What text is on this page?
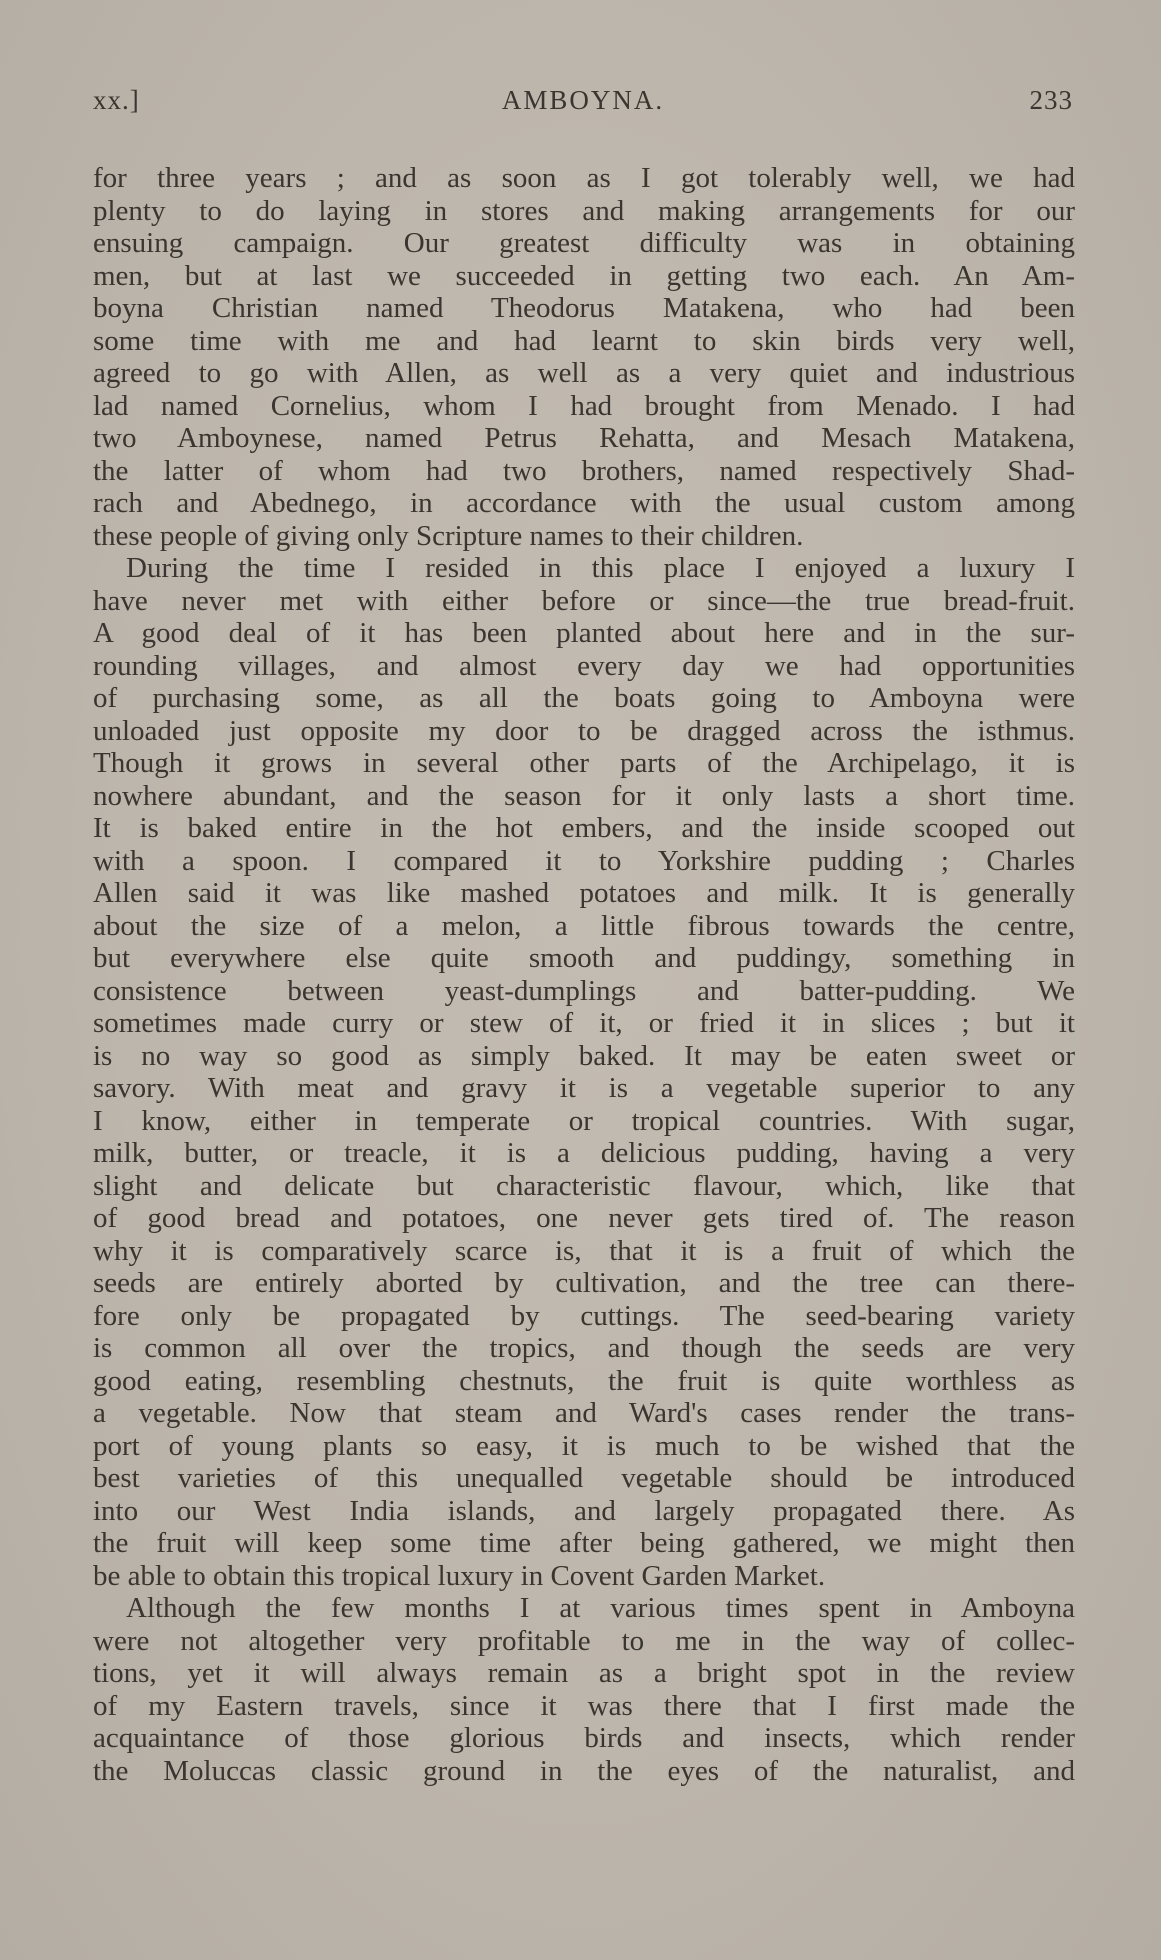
xx.]	AMBOYNA.	233
for three years ; and as soon as I got tolerably well, we had
plenty to do laying in stores and making arrangements for our
ensuing campaign. Our greatest difficulty was in obtaining
men, but at last we succeeded in getting two each. An Am-
boyna Christian named Theodorus Matakena, who had been
some time with me and had learnt to skin birds very well,
agreed to go with Allen, as well as a very quiet and industrious
lad named Cornelius, whom I had brought from Menado. I had
two Amboynese, named Petrus Rehatta, and Mesach Matakena,
the latter of whom had two brothers, named respectively Shad-
rach and Abednego, in accordance with the usual custom among
these people of giving only Scripture names to their children.
During the time I resided in this place I enjoyed a luxury I
have never met with either before or since—the true bread-fruit.
A good deal of it has been planted about here and in the sur-
rounding villages, and almost every day we had opportunities
of purchasing some, as all the boats going to Amboyna were
unloaded just opposite my door to be dragged across the isthmus.
Though it grows in several other parts of the Archipelago, it is
nowhere abundant, and the season for it only lasts a short time.
It is baked entire in the hot embers, and the inside scooped out
with a spoon. I compared it to Yorkshire pudding ; Charles
Allen said it was like mashed potatoes and milk. It is generally
about the size of a melon, a little fibrous towards the centre,
but everywhere else quite smooth and puddingy, something in
consistence between yeast-dumplings and batter-pudding. We
sometimes made curry or stew of it, or fried it in slices ; but it
is no way so good as simply baked. It may be eaten sweet or
savory. With meat and gravy it is a vegetable superior to any
I know, either in temperate or tropical countries. With sugar,
milk, butter, or treacle, it is a delicious pudding, having a very
slight and delicate but characteristic flavour, which, like that
of good bread and potatoes, one never gets tired of. The reason
why it is comparatively scarce is, that it is a fruit of which the
seeds are entirely aborted by cultivation, and the tree can there-
fore only be propagated by cuttings. The seed-bearing variety
is common all over the tropics, and though the seeds are very
good eating, resembling chestnuts, the fruit is quite worthless as
a vegetable. Now that steam and Ward's cases render the trans-
port of young plants so easy, it is much to be wished that the
best varieties of this unequalled vegetable should be introduced
into our West India islands, and largely propagated there. As
the fruit will keep some time after being gathered, we might then
be able to obtain this tropical luxury in Covent Garden Market.
Although the few months I at various times spent in Amboyna
were not altogether very profitable to me in the way of collec-
tions, yet it will always remain as a bright spot in the review
of my Eastern travels, since it was there that I first made the
acquaintance of those glorious birds and insects, which render
the Moluccas classic ground in the eyes of the naturalist, and
